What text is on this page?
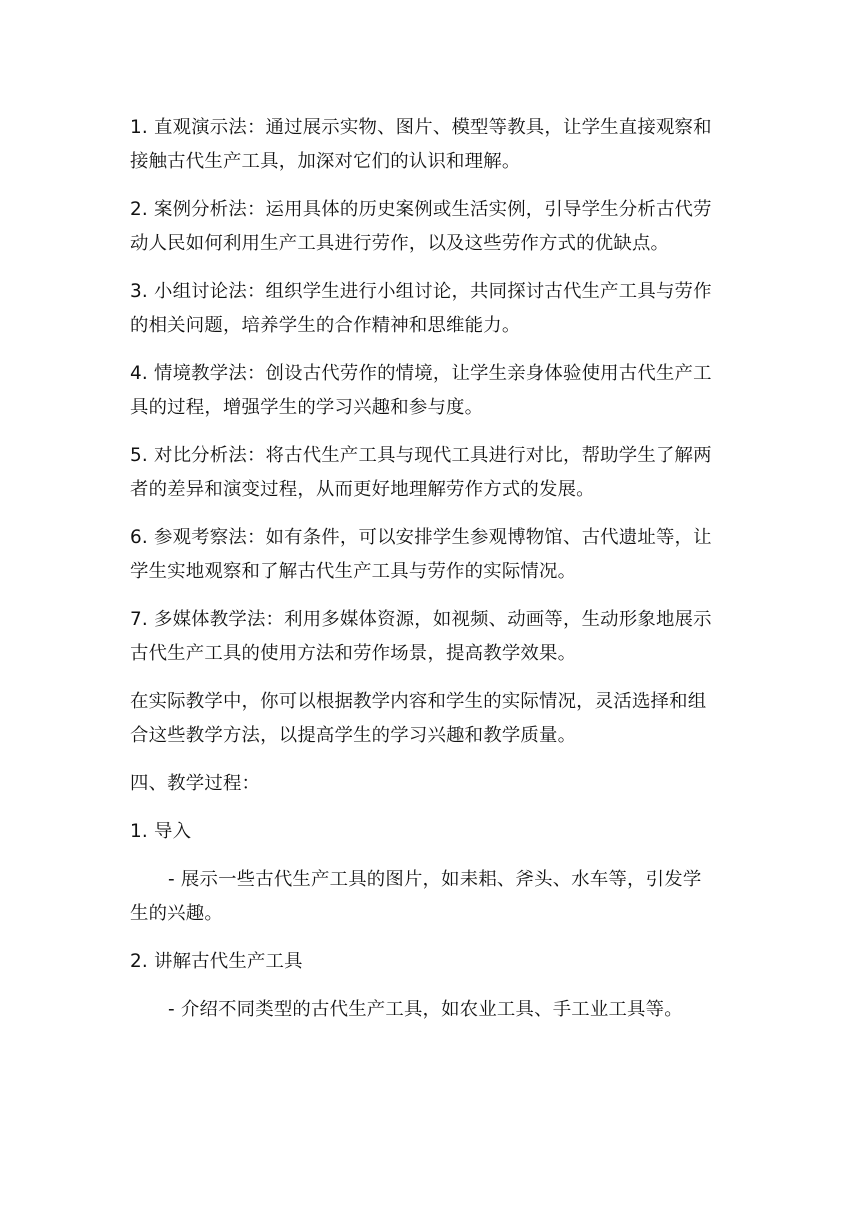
1. 直观演示法：通过展示实物、图片、模型等教具，让学生直接观察和
接触古代生产工具，加深对它们的认识和理解。
2. 案例分析法：运用具体的历史案例或生活实例，引导学生分析古代劳
动人民如何利用生产工具进行劳作，以及这些劳作方式的优缺点。
3. 小组讨论法：组织学生进行小组讨论，共同探讨古代生产工具与劳作
的相关问题，培养学生的合作精神和思维能力。
4. 情境教学法：创设古代劳作的情境，让学生亲身体验使用古代生产工
具的过程，增强学生的学习兴趣和参与度。
5. 对比分析法：将古代生产工具与现代工具进行对比，帮助学生了解两
者的差异和演变过程，从而更好地理解劳作方式的发展。
6. 参观考察法：如有条件，可以安排学生参观博物馆、古代遗址等，让
学生实地观察和了解古代生产工具与劳作的实际情况。
7. 多媒体教学法：利用多媒体资源，如视频、动画等，生动形象地展示
古代生产工具的使用方法和劳作场景，提高教学效果。
在实际教学中，你可以根据教学内容和学生的实际情况，灵活选择和组
合这些教学方法，以提高学生的学习兴趣和教学质量。
四、教学过程：
1. 导入
- 展示一些古代生产工具的图片，如耒耜、斧头、水车等，引发学
生的兴趣。
2. 讲解古代生产工具
- 介绍不同类型的古代生产工具，如农业工具、手工业工具等。
